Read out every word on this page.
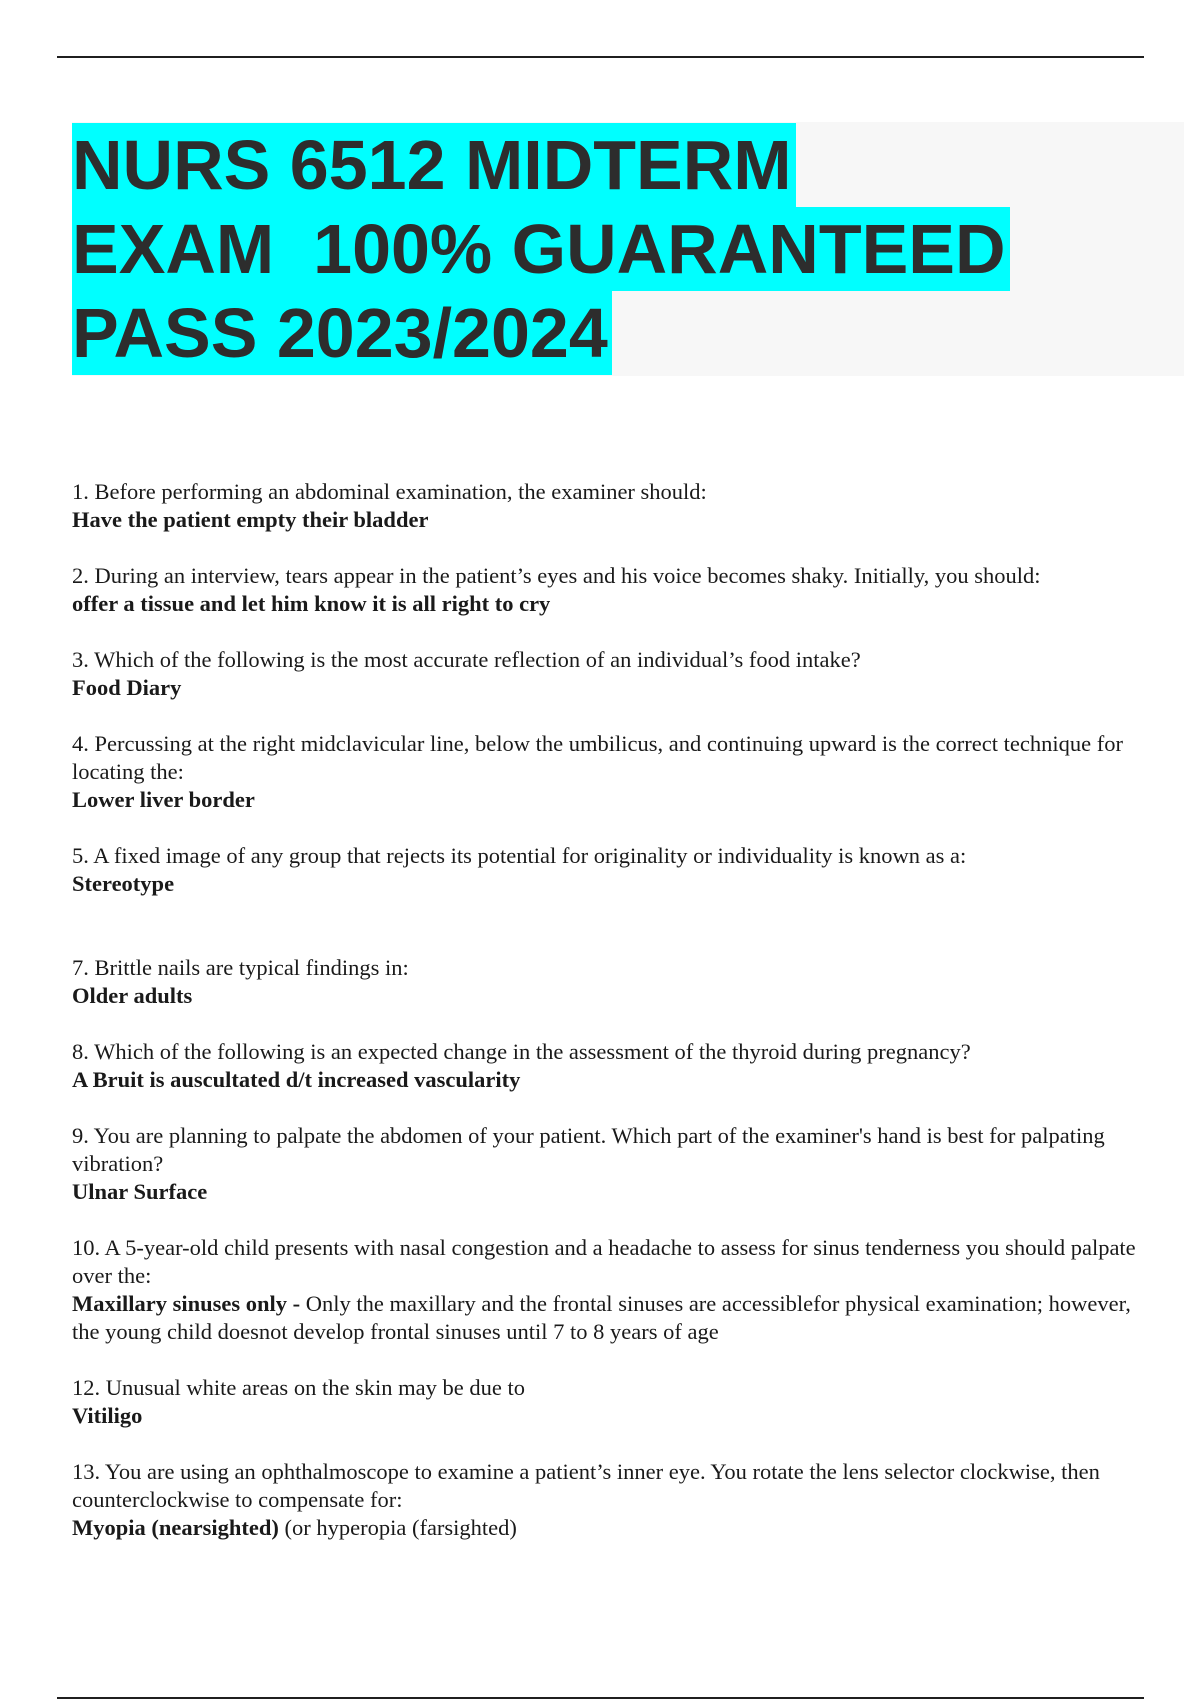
NURS 6512 MIDTERM
EXAM  100% GUARANTEED
PASS 2023/2024
1. Before performing an abdominal examination, the examiner should:
Have the patient empty their bladder
2. During an interview, tears appear in the patient’s eyes and his voice becomes shaky. Initially, you should:
offer a tissue and let him know it is all right to cry
3. Which of the following is the most accurate reflection of an individual’s food intake?
Food Diary
4. Percussing at the right midclavicular line, below the umbilicus, and continuing upward is the correct technique for locating the:
Lower liver border
5. A fixed image of any group that rejects its potential for originality or individuality is known as a:
Stereotype
7. Brittle nails are typical findings in:
Older adults
8. Which of the following is an expected change in the assessment of the thyroid during pregnancy?
A Bruit is auscultated d/t increased vascularity
9. You are planning to palpate the abdomen of your patient. Which part of the examiner's hand is best for palpating vibration?
Ulnar Surface
10. A 5-year-old child presents with nasal congestion and a headache to assess for sinus tenderness you should palpate over the:
Maxillary sinuses only - Only the maxillary and the frontal sinuses are accessiblefor physical examination; however, the young child doesnot develop frontal sinuses until 7 to 8 years of age
12. Unusual white areas on the skin may be due to
Vitiligo
13. You are using an ophthalmoscope to examine a patient’s inner eye. You rotate the lens selector clockwise, then counterclockwise to compensate for:
Myopia (nearsighted) (or hyperopia (farsighted)
